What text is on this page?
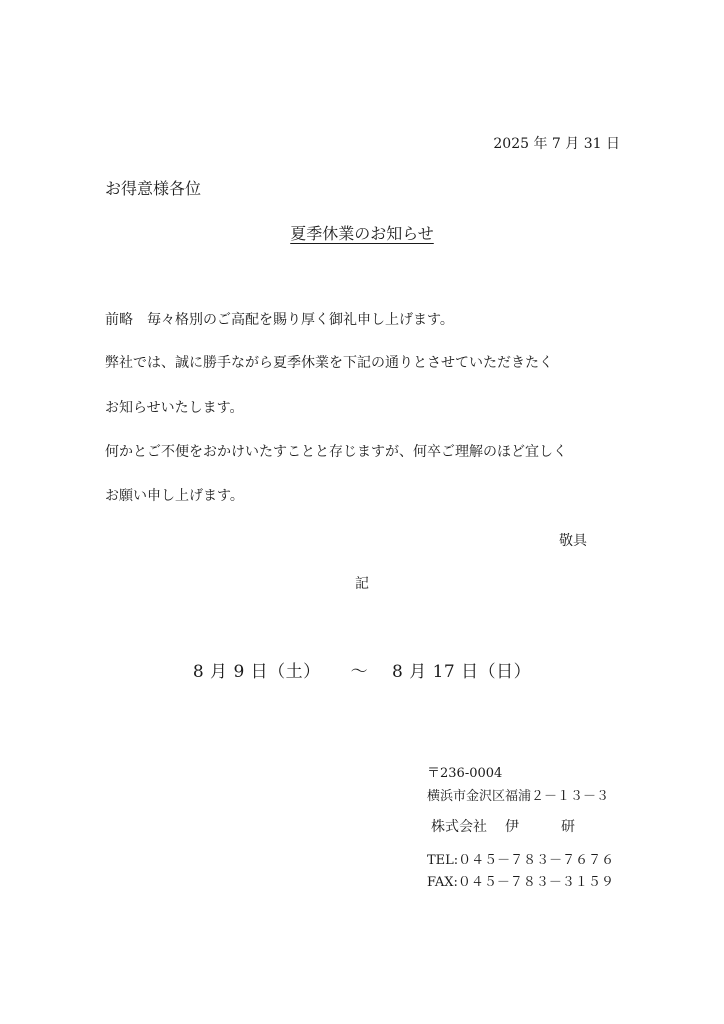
2025 年 7 月 31 日
お得意様各位
夏季休業のお知らせ
前略　毎々格別のご高配を賜り厚く御礼申し上げます。
弊社では、誠に勝手ながら夏季休業を下記の通りとさせていただきたく
お知らせいたします。
何かとご不便をおかけいたすことと存じますが、何卒ご理解のほど宜しく
お願い申し上げます。
敬具
記
8 月 9 日（土） ～ 8 月 17 日（日）
〒236-0004
横浜市金沢区福浦２－１３－３
株式会社 伊	研
TEL:０４５－７８３－７６７６
FAX:０４５－７８３－３１５９
